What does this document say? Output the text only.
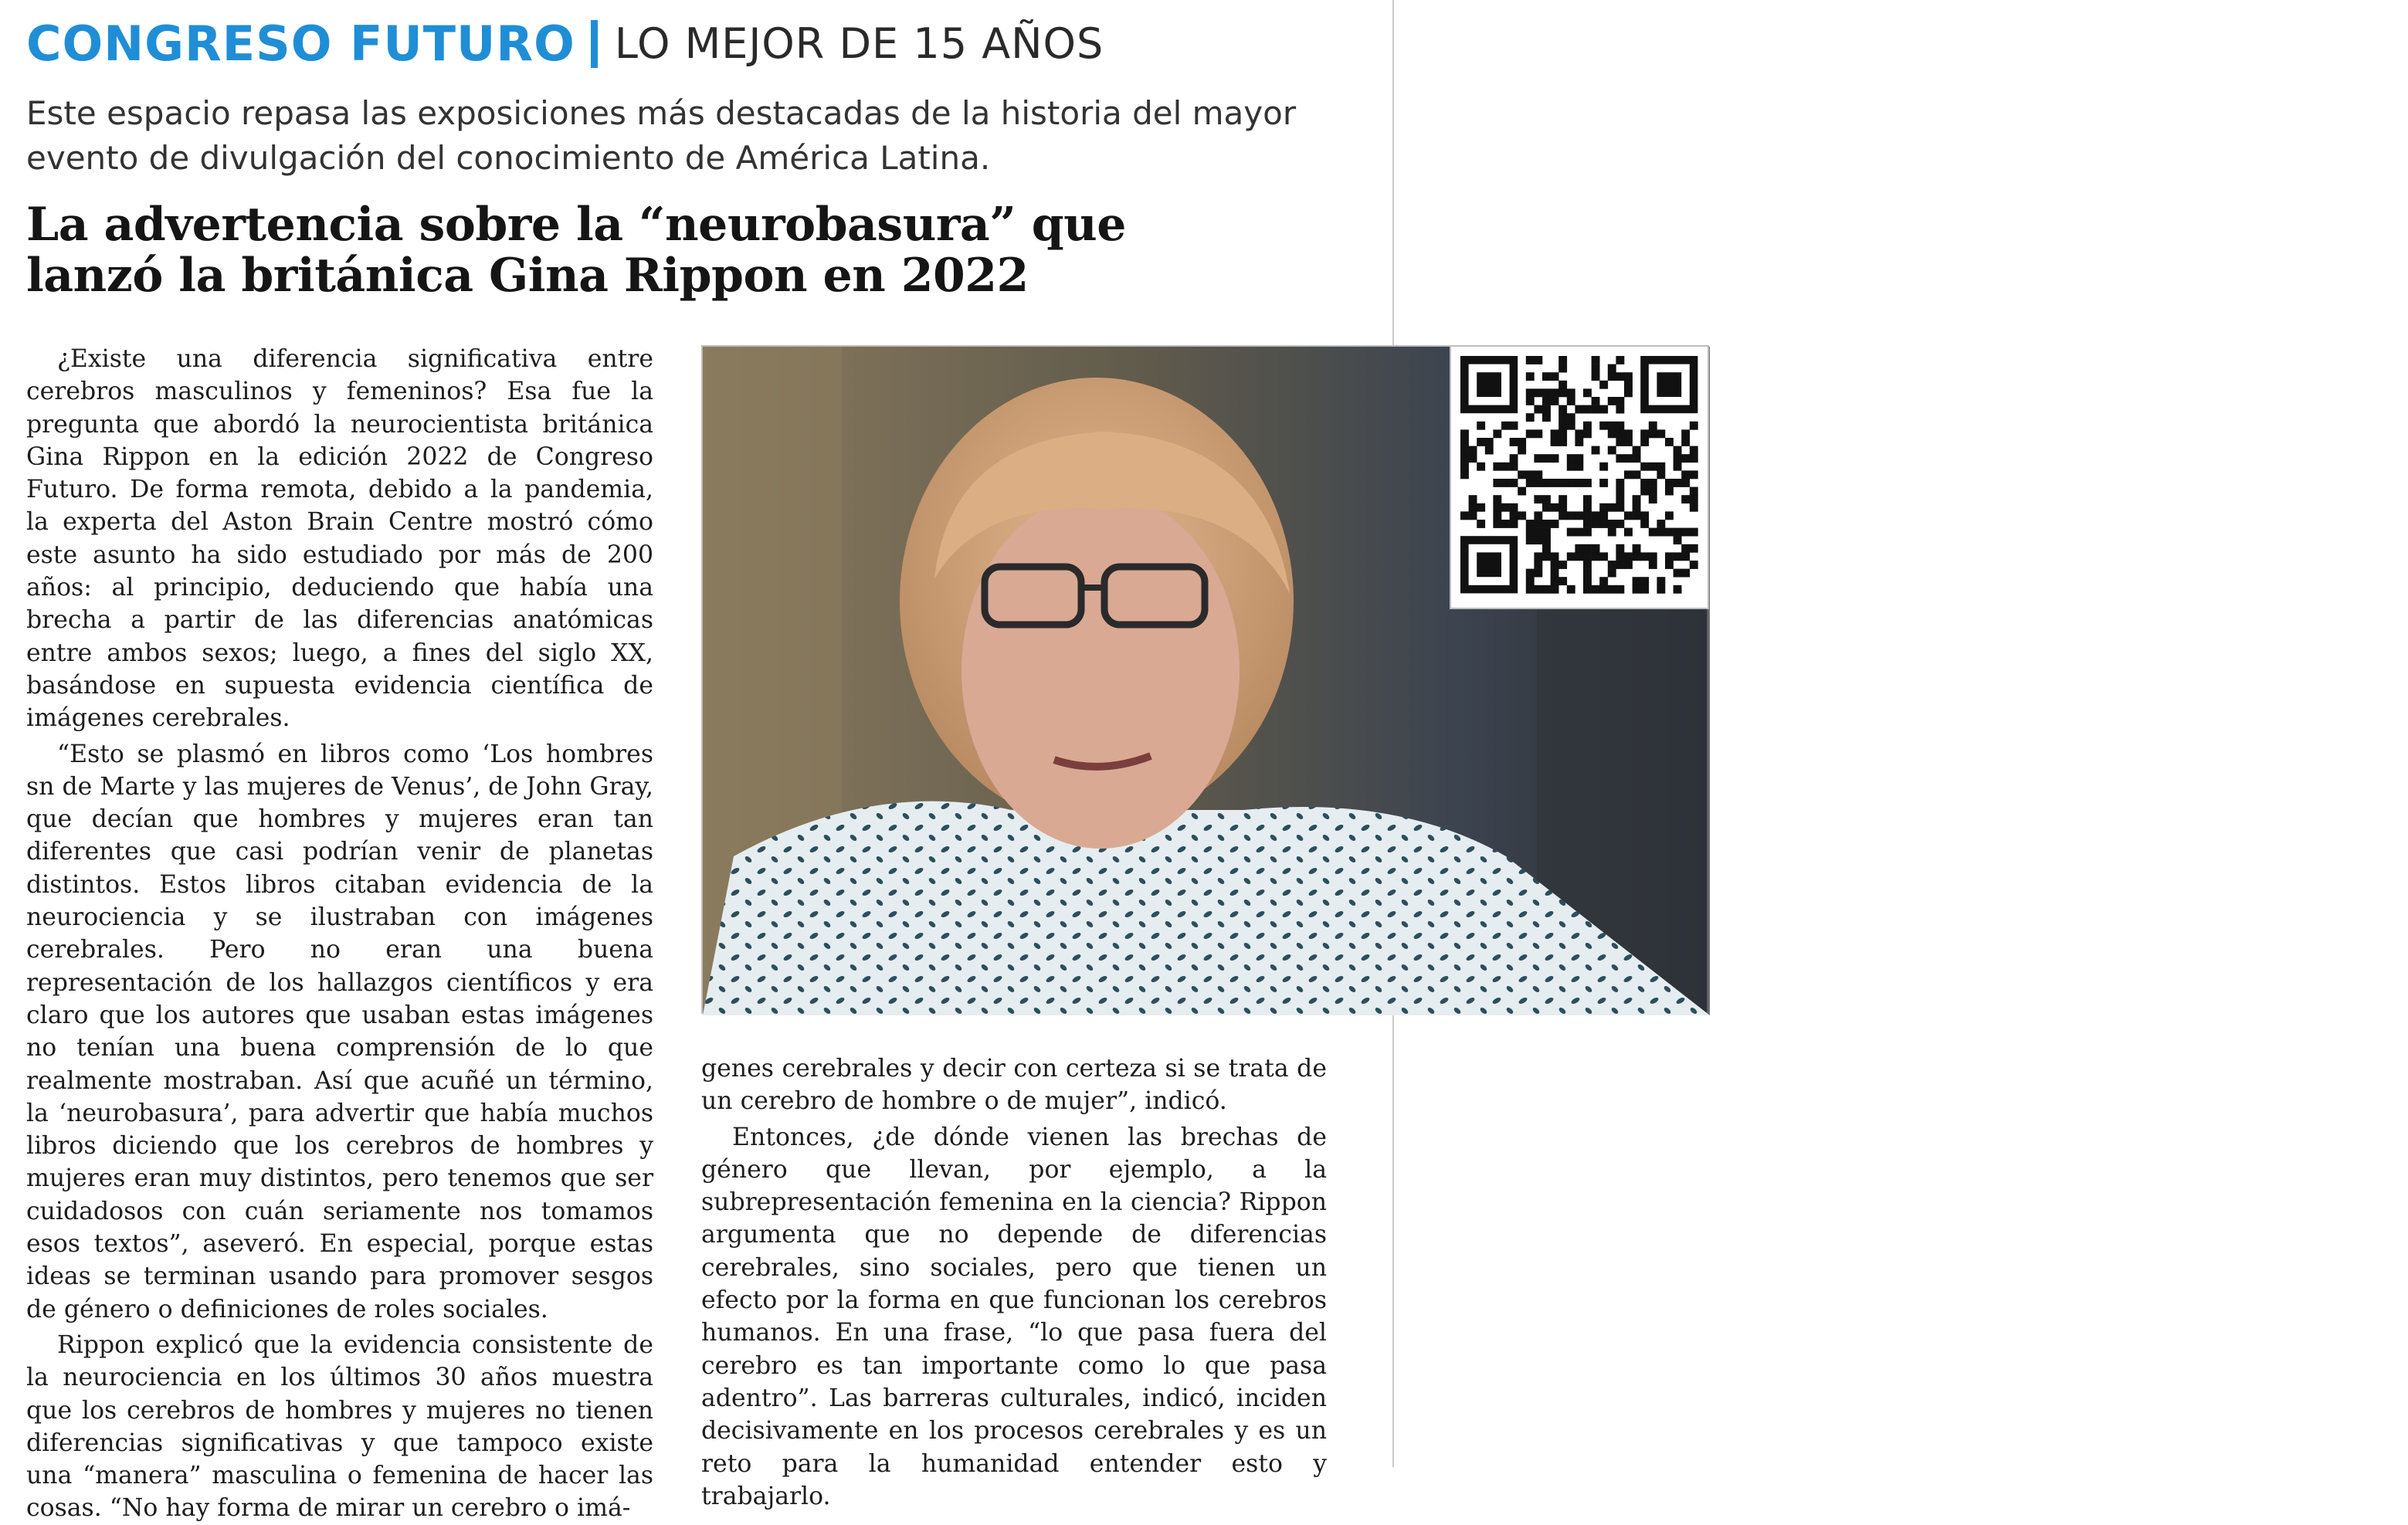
CONGRESO FUTURO LO MEJOR DE 15 AÑOS
Este espacio repasa las exposiciones más destacadas de la historia del mayor
evento de divulgación del conocimiento de América Latina.
La advertencia sobre la “neurobasura” que
lanzó la británica Gina Rippon en 2022

¿Existe una diferencia significativa entre cerebros masculinos y femeninos? Esa fue la pregunta que abordó la neurocientista británica Gina Rippon en la edición 2022 de Congreso Futuro. De forma remota, debido a la pandemia, la experta del Aston Brain Centre mostró cómo este asunto ha sido estudiado por más de 200 años: al principio, deduciendo que había una brecha a partir de las diferencias anatómicas entre ambos sexos; luego, a fines del siglo XX, basándose en supuesta evidencia científica de imágenes cerebrales.

“Esto se plasmó en libros como ‘Los hombres sn de Marte y las mujeres de Venus’, de John Gray, que decían que hombres y mujeres eran tan diferentes que casi podrían venir de planetas distintos. Estos libros citaban evidencia de la neurociencia y se ilustraban con imágenes cerebrales. Pero no eran una buena representación de los hallazgos científicos y era claro que los autores que usaban estas imágenes no tenían una buena comprensión de lo que realmente mostraban. Así que acuñé un término, la ‘neurobasura’, para advertir que había muchos libros diciendo que los cerebros de hombres y mujeres eran muy distintos, pero tenemos que ser cuidadosos con cuán seriamente nos tomamos esos textos”, aseveró. En especial, porque estas ideas se terminan usando para promover sesgos de género o definiciones de roles sociales.

Rippon explicó que la evidencia consistente de la neurociencia en los últimos 30 años muestra que los cerebros de hombres y mujeres no tienen diferencias significativas y que tampoco existe una “manera” masculina o femenina de hacer las cosas. “No hay forma de mirar un cerebro o imá-

LA CHARLA DE GINA RIPPON EN CONGRESO FUTURO 2022.

genes cerebrales y decir con certeza si se trata de un cerebro de hombre o de mujer”, indicó.

Entonces, ¿de dónde vienen las brechas de género que llevan, por ejemplo, a la subrepresentación femenina en la ciencia? Rippon argumenta que no depende de diferencias cerebrales, sino sociales, pero que tienen un efecto por la forma en que funcionan los cerebros humanos. En una frase, “lo que pasa fuera del cerebro es tan importante como lo que pasa adentro”. Las barreras culturales, indicó, inciden decisivamente en los procesos cerebrales y es un reto para la humanidad entender esto y trabajarlo.
